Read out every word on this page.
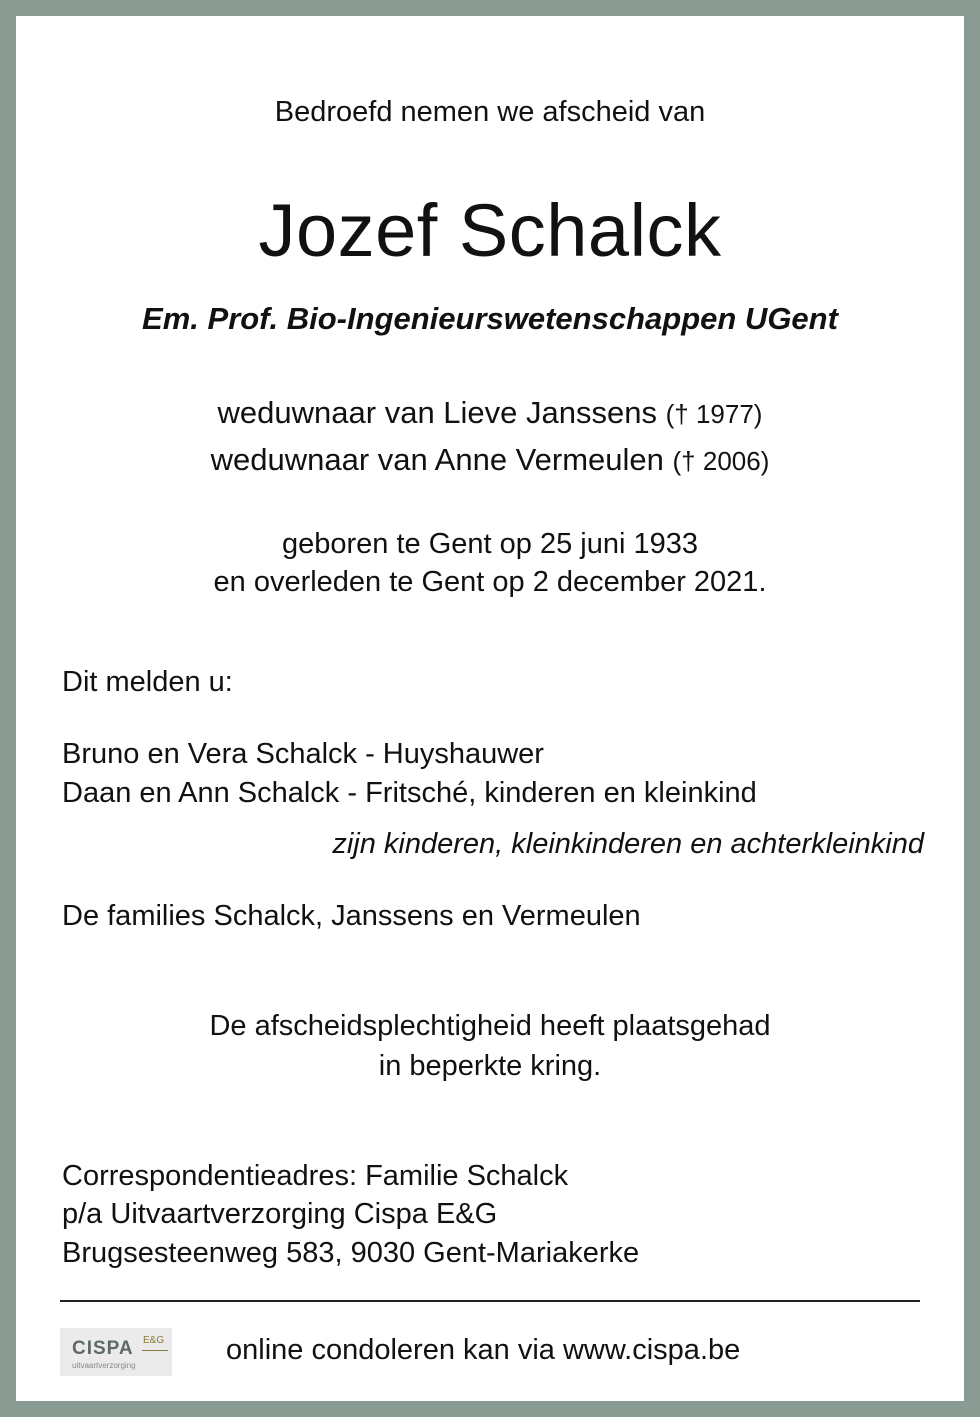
Bedroefd nemen we afscheid van
Jozef Schalck
Em. Prof. Bio-Ingenieurswetenschappen UGent
weduwnaar van Lieve Janssens († 1977)
weduwnaar van Anne Vermeulen († 2006)
geboren te Gent op 25 juni 1933
en overleden te Gent op 2 december 2021.
Dit melden u:
Bruno en Vera Schalck - Huyshauwer
Daan en Ann Schalck - Fritsché, kinderen en kleinkind
zijn kinderen, kleinkinderen en achterkleinkind
De families Schalck, Janssens en Vermeulen
De afscheidsplechtigheid heeft plaatsgehad
in beperkte kring.
Correspondentieadres: Familie Schalck
p/a Uitvaartverzorging Cispa E&G
Brugsesteenweg 583, 9030 Gent-Mariakerke
CISPA E&G
uitvaartverzorging	online condoleren kan via www.cispa.be
